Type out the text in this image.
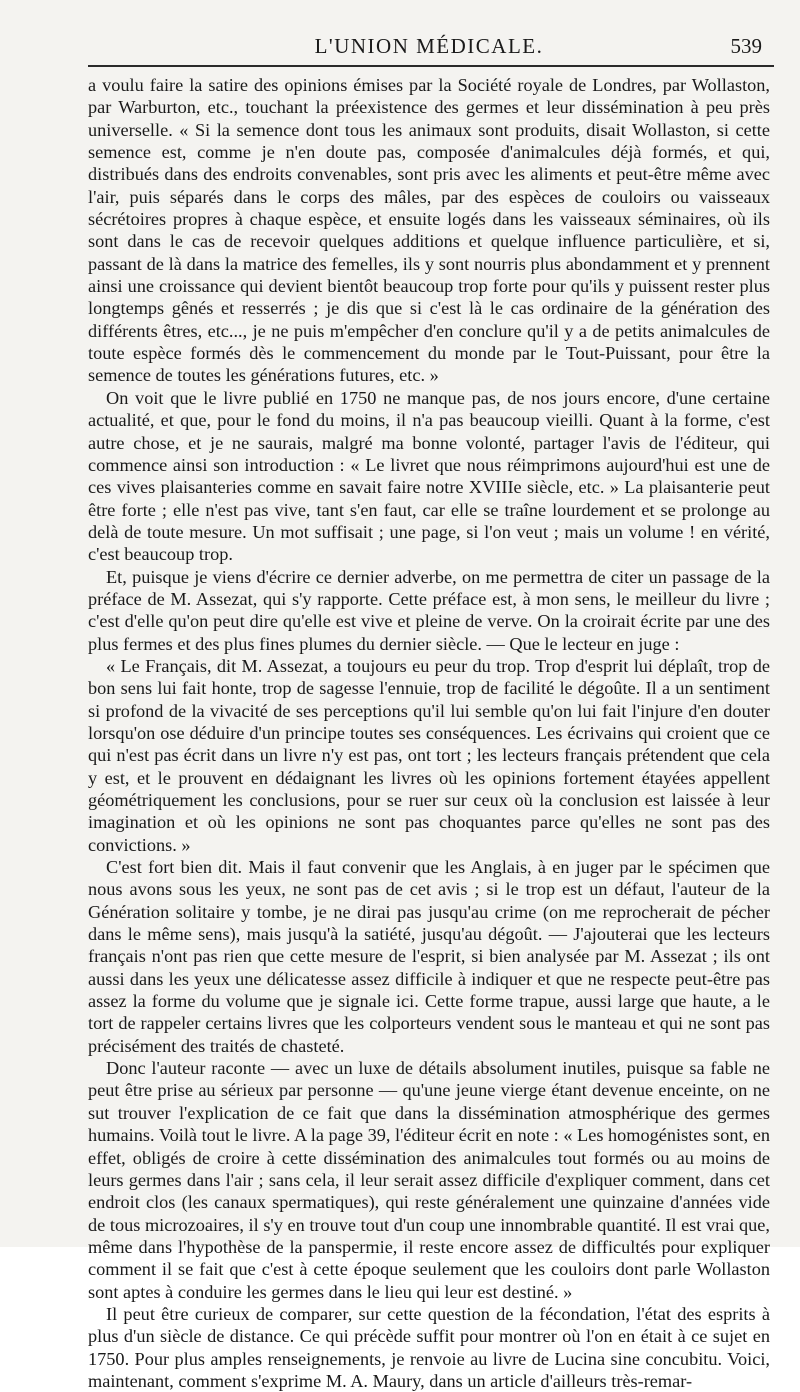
L'UNION MÉDICALE.	539

a voulu faire la satire des opinions émises par la Société royale de Londres, par Wollaston, par Warburton, etc., touchant la préexistence des germes et leur dissémination à peu près universelle. « Si la semence dont tous les animaux sont produits, disait Wollaston, si cette semence est, comme je n'en doute pas, composée d'animalcules déjà formés, et qui, distribués dans des endroits convenables, sont pris avec les aliments et peut-être même avec l'air, puis séparés dans le corps des mâles, par des espèces de couloirs ou vaisseaux sécrétoires propres à chaque espèce, et ensuite logés dans les vaisseaux séminaires, où ils sont dans le cas de recevoir quelques additions et quelque influence particulière, et si, passant de là dans la matrice des femelles, ils y sont nourris plus abondamment et y prennent ainsi une croissance qui devient bientôt beaucoup trop forte pour qu'ils y puissent rester plus longtemps gênés et resserrés ; je dis que si c'est là le cas ordinaire de la génération des différents êtres, etc..., je ne puis m'empêcher d'en conclure qu'il y a de petits animalcules de toute espèce formés dès le commencement du monde par le Tout-Puissant, pour être la semence de toutes les générations futures, etc. »

On voit que le livre publié en 1750 ne manque pas, de nos jours encore, d'une certaine actualité, et que, pour le fond du moins, il n'a pas beaucoup vieilli. Quant à la forme, c'est autre chose, et je ne saurais, malgré ma bonne volonté, partager l'avis de l'éditeur, qui commence ainsi son introduction : « Le livret que nous réimprimons aujourd'hui est une de ces vives plaisanteries comme en savait faire notre XVIIIe siècle, etc. » La plaisanterie peut être forte ; elle n'est pas vive, tant s'en faut, car elle se traîne lourdement et se prolonge au delà de toute mesure. Un mot suffisait ; une page, si l'on veut ; mais un volume ! en vérité, c'est beaucoup trop.

Et, puisque je viens d'écrire ce dernier adverbe, on me permettra de citer un passage de la préface de M. Assezat, qui s'y rapporte. Cette préface est, à mon sens, le meilleur du livre ; c'est d'elle qu'on peut dire qu'elle est vive et pleine de verve. On la croirait écrite par une des plus fermes et des plus fines plumes du dernier siècle. — Que le lecteur en juge :

« Le Français, dit M. Assezat, a toujours eu peur du trop. Trop d'esprit lui déplaît, trop de bon sens lui fait honte, trop de sagesse l'ennuie, trop de facilité le dégoûte. Il a un sentiment si profond de la vivacité de ses perceptions qu'il lui semble qu'on lui fait l'injure d'en douter lorsqu'on ose déduire d'un principe toutes ses conséquences. Les écrivains qui croient que ce qui n'est pas écrit dans un livre n'y est pas, ont tort ; les lecteurs français prétendent que cela y est, et le prouvent en dédaignant les livres où les opinions fortement étayées appellent géométriquement les conclusions, pour se ruer sur ceux où la conclusion est laissée à leur imagination et où les opinions ne sont pas choquantes parce qu'elles ne sont pas des convictions. »

C'est fort bien dit. Mais il faut convenir que les Anglais, à en juger par le spécimen que nous avons sous les yeux, ne sont pas de cet avis ; si le trop est un défaut, l'auteur de la Génération solitaire y tombe, je ne dirai pas jusqu'au crime (on me reprocherait de pécher dans le même sens), mais jusqu'à la satiété, jusqu'au dégoût. — J'ajouterai que les lecteurs français n'ont pas rien que cette mesure de l'esprit, si bien analysée par M. Assezat ; ils ont aussi dans les yeux une délicatesse assez difficile à indiquer et que ne respecte peut-être pas assez la forme du volume que je signale ici. Cette forme trapue, aussi large que haute, a le tort de rappeler certains livres que les colporteurs vendent sous le manteau et qui ne sont pas précisément des traités de chasteté.

Donc l'auteur raconte — avec un luxe de détails absolument inutiles, puisque sa fable ne peut être prise au sérieux par personne — qu'une jeune vierge étant devenue enceinte, on ne sut trouver l'explication de ce fait que dans la dissémination atmosphérique des germes humains. Voilà tout le livre. A la page 39, l'éditeur écrit en note : « Les homogénistes sont, en effet, obligés de croire à cette dissémination des animalcules tout formés ou au moins de leurs germes dans l'air ; sans cela, il leur serait assez difficile d'expliquer comment, dans cet endroit clos (les canaux spermatiques), qui reste généralement une quinzaine d'années vide de tous microzoaires, il s'y en trouve tout d'un coup une innombrable quantité. Il est vrai que, même dans l'hypothèse de la panspermie, il reste encore assez de difficultés pour expliquer comment il se fait que c'est à cette époque seulement que les couloirs dont parle Wollaston sont aptes à conduire les germes dans le lieu qui leur est destiné. »

Il peut être curieux de comparer, sur cette question de la fécondation, l'état des esprits à plus d'un siècle de distance. Ce qui précède suffit pour montrer où l'on en était à ce sujet en 1750. Pour plus amples renseignements, je renvoie au livre de Lucina sine concubitu. Voici, maintenant, comment s'exprime M. A. Maury, dans un article d'ailleurs très-remar-
